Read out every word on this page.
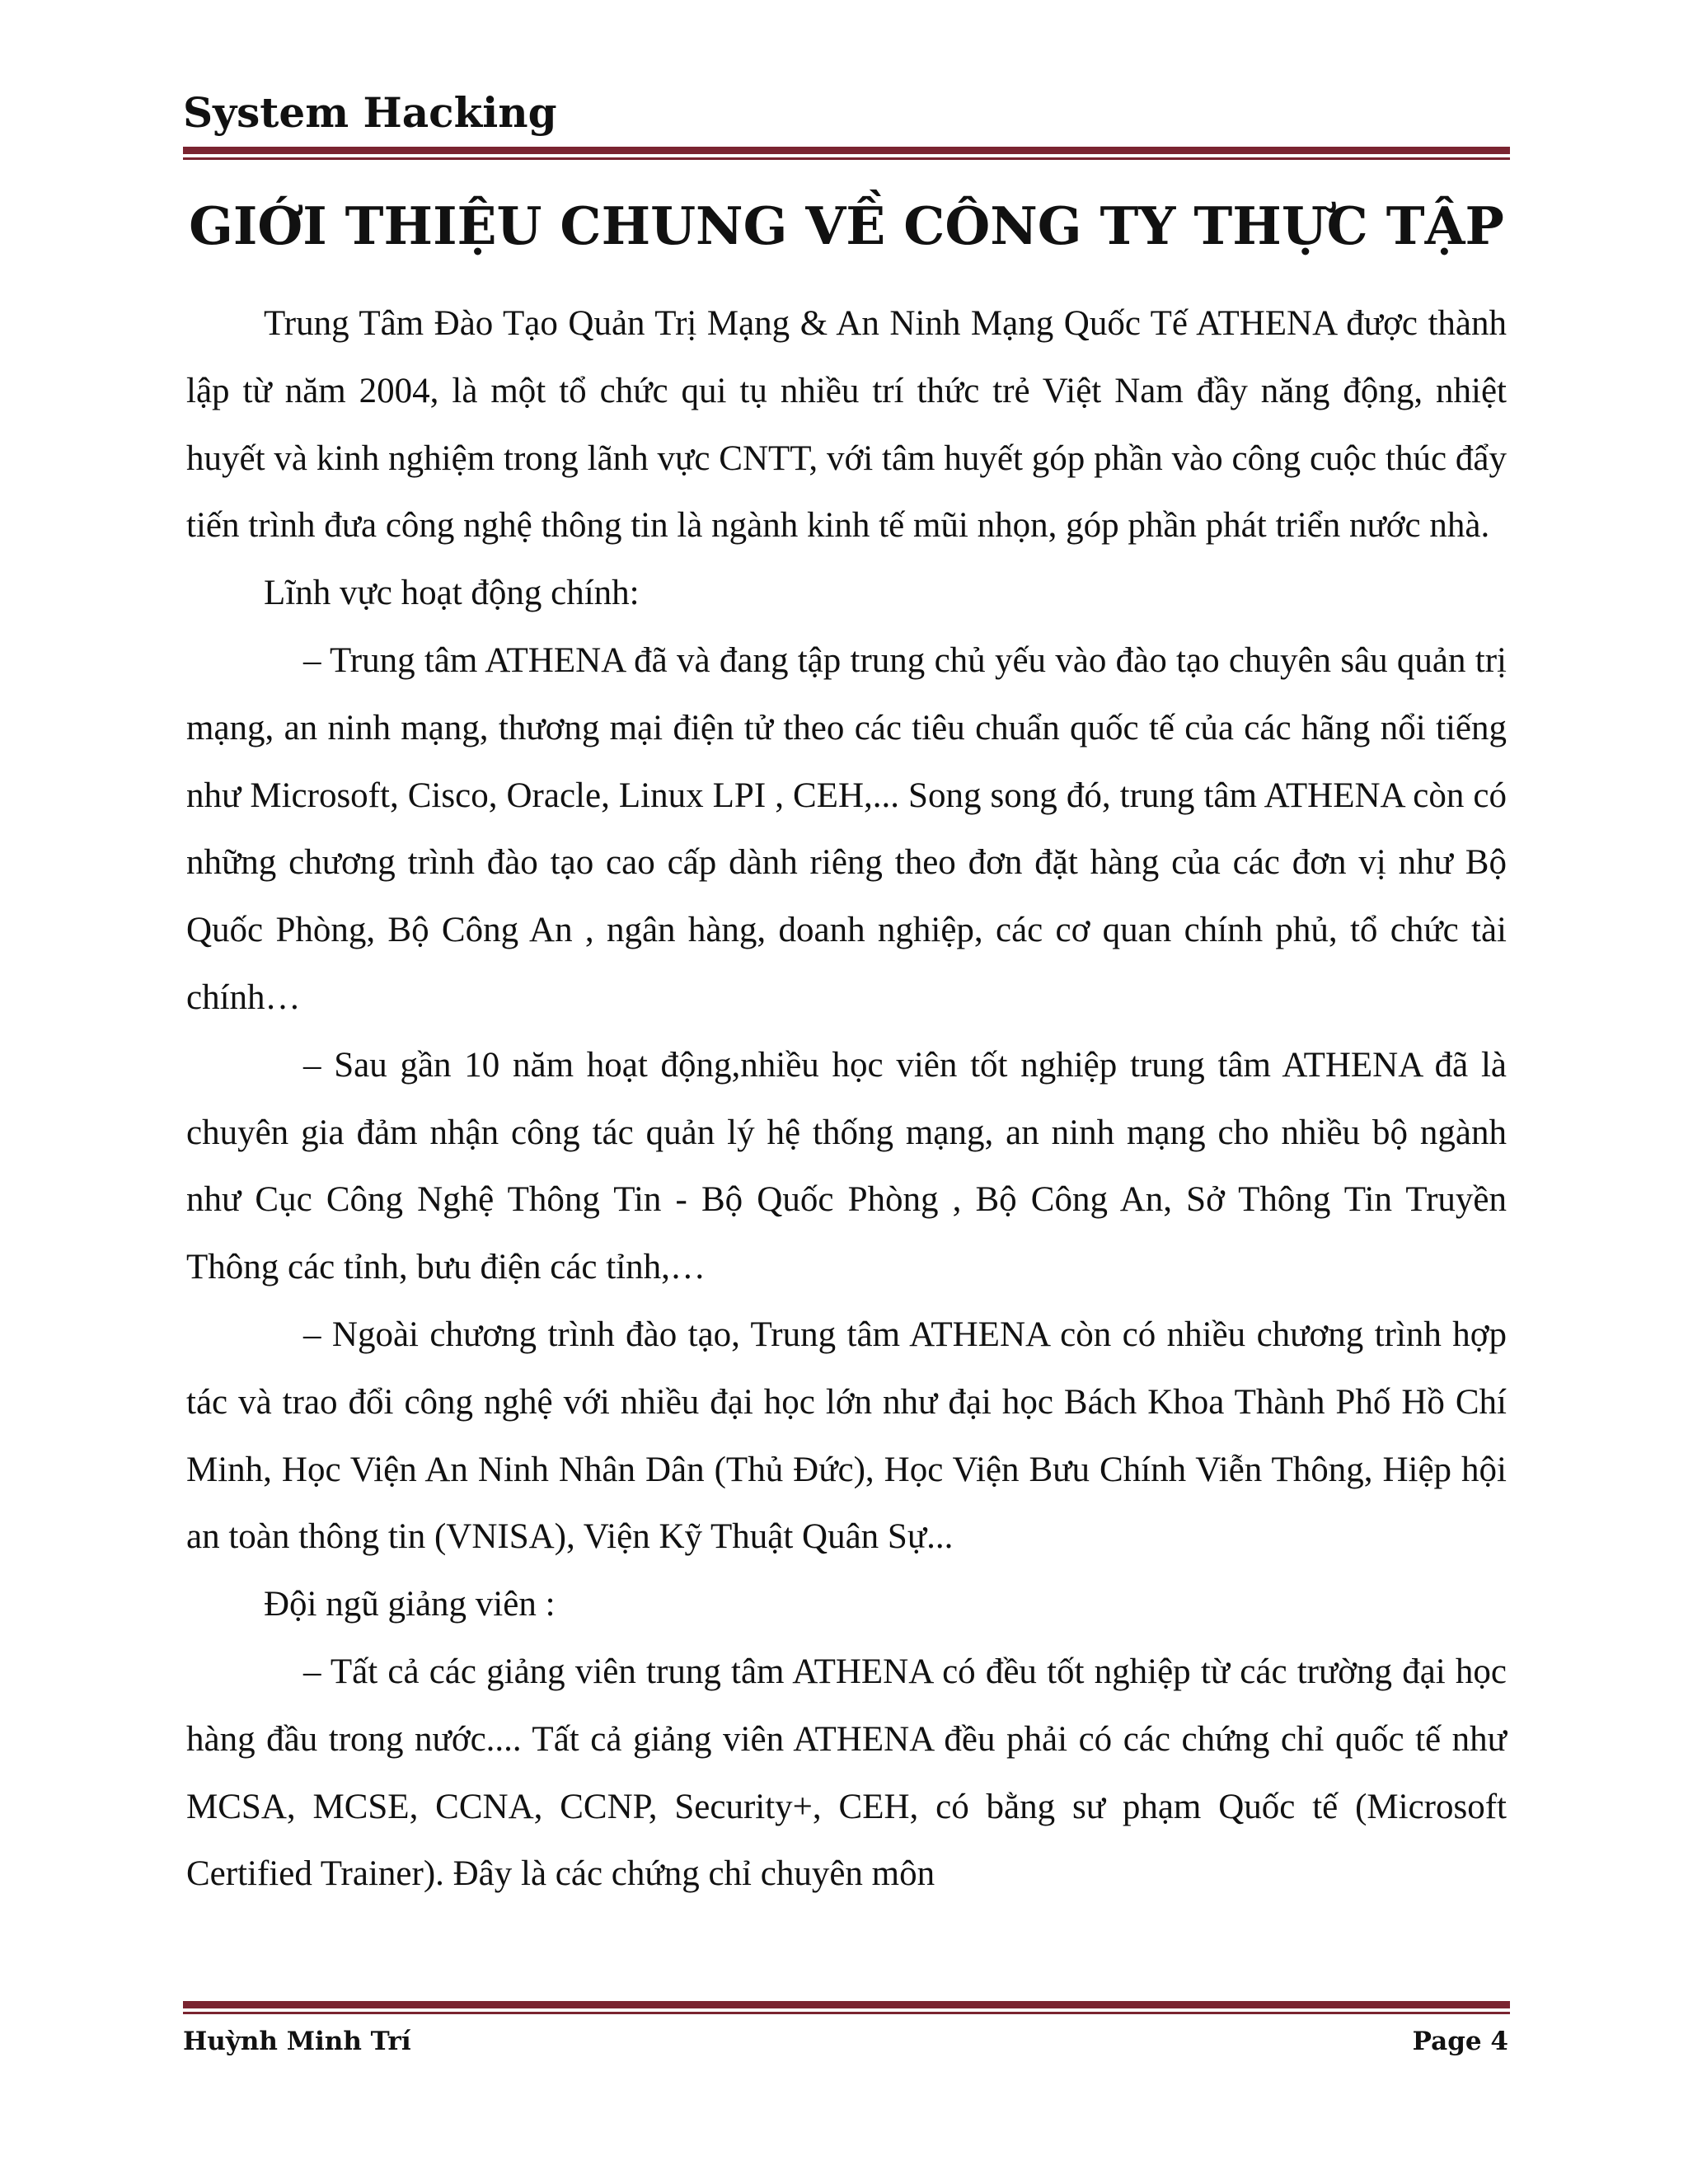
System Hacking
GIỚI THIỆU CHUNG VỀ CÔNG TY THỰC TẬP

Trung Tâm Đào Tạo Quản Trị Mạng & An Ninh Mạng Quốc Tế ATHENA được thành lập từ năm 2004, là một tổ chức qui tụ nhiều trí thức trẻ Việt Nam đầy năng động, nhiệt huyết và kinh nghiệm trong lãnh vực CNTT, với tâm huyết góp phần vào công cuộc thúc đẩy tiến trình đưa công nghệ thông tin là ngành kinh tế mũi nhọn, góp phần phát triển nước nhà.

Lĩnh vực hoạt động chính:

– Trung tâm ATHENA đã và đang tập trung chủ yếu vào đào tạo chuyên sâu quản trị mạng, an ninh mạng, thương mại điện tử theo các tiêu chuẩn quốc tế của các hãng nổi tiếng như Microsoft, Cisco, Oracle, Linux LPI , CEH,... Song song đó, trung tâm ATHENA còn có những chương trình đào tạo cao cấp dành riêng theo đơn đặt hàng của các đơn vị như Bộ Quốc Phòng, Bộ Công An , ngân hàng, doanh nghiệp, các cơ quan chính phủ, tổ chức tài chính…

– Sau gần 10 năm hoạt động,nhiều học viên tốt nghiệp trung tâm ATHENA đã là chuyên gia đảm nhận công tác quản lý hệ thống mạng, an ninh mạng cho nhiều bộ ngành như Cục Công Nghệ Thông Tin - Bộ Quốc Phòng , Bộ Công An, Sở Thông Tin Truyền Thông các tỉnh, bưu điện các tỉnh,…

– Ngoài chương trình đào tạo, Trung tâm ATHENA còn có nhiều chương trình hợp tác và trao đổi công nghệ với nhiều đại học lớn như đại học Bách Khoa Thành Phố Hồ Chí Minh, Học Viện An Ninh Nhân Dân (Thủ Đức), Học Viện Bưu Chính Viễn Thông, Hiệp hội an toàn thông tin (VNISA), Viện Kỹ Thuật Quân Sự...

Đội ngũ giảng viên :

– Tất cả các giảng viên trung tâm ATHENA có đều tốt nghiệp từ các trường đại học hàng đầu trong nước.... Tất cả giảng viên ATHENA đều phải có các chứng chỉ quốc tế như MCSA, MCSE, CCNA, CCNP, Security+, CEH, có bằng sư phạm Quốc tế (Microsoft Certified Trainer). Đây là các chứng chỉ chuyên môn

Huỳnh Minh Trí	Page 4
